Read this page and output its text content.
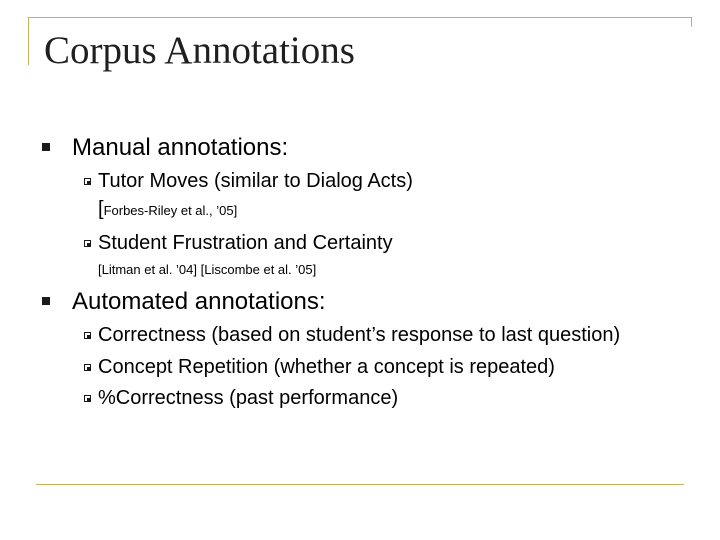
Corpus Annotations
Manual annotations:
Tutor Moves (similar to Dialog Acts)
[Forbes-Riley et al., ’05]
Student Frustration and Certainty
[Litman et al. ’04] [Liscombe et al. ’05]
Automated annotations:
Correctness (based on student’s response to last question)
Concept Repetition (whether a concept is repeated)
%Correctness (past performance)
